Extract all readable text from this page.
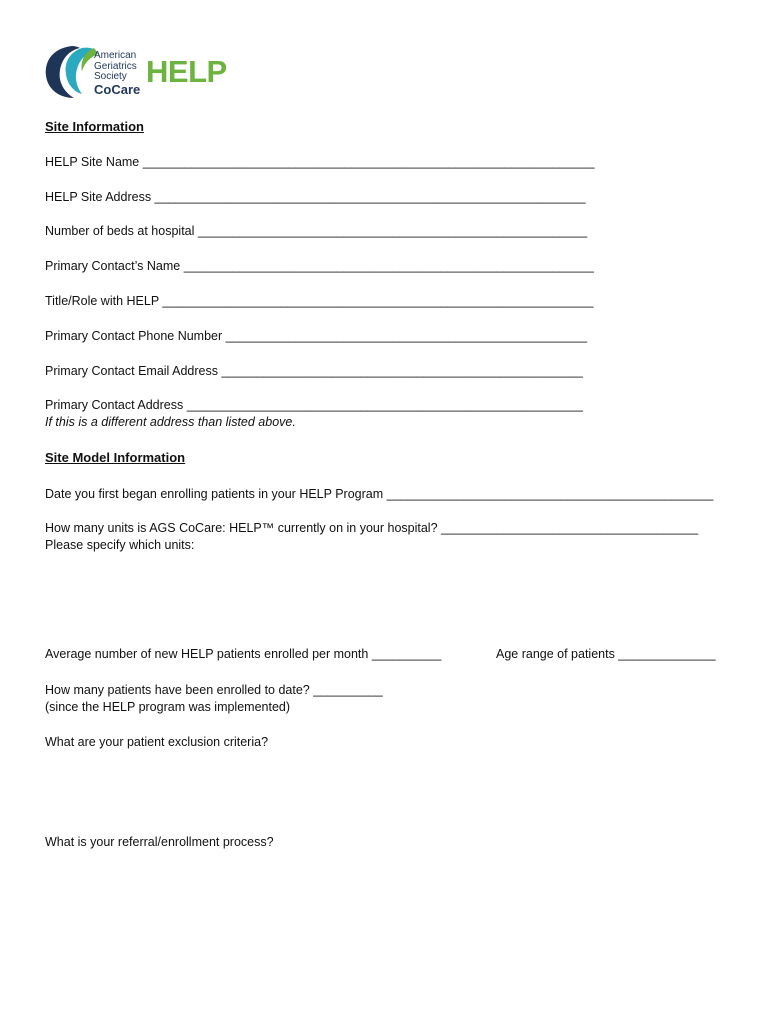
American
Geriatrics
Society
CoCare HELP
Site Information
HELP Site Name _________________________________________________________________
HELP Site Address ______________________________________________________________
Number of beds at hospital ________________________________________________________
Primary Contact’s Name ___________________________________________________________
Title/Role with HELP ______________________________________________________________
Primary Contact Phone Number ____________________________________________________
Primary Contact Email Address ____________________________________________________
Primary Contact Address _________________________________________________________
If this is a different address than listed above.
Site Model Information
Date you first began enrolling patients in your HELP Program _______________________________________________
How many units is AGS CoCare: HELP™ currently on in your hospital? _____________________________________
Please specify which units:
Average number of new HELP patients enrolled per month __________	Age range of patients ______________
How many patients have been enrolled to date? __________
(since the HELP program was implemented)
What are your patient exclusion criteria?
What is your referral/enrollment process?
